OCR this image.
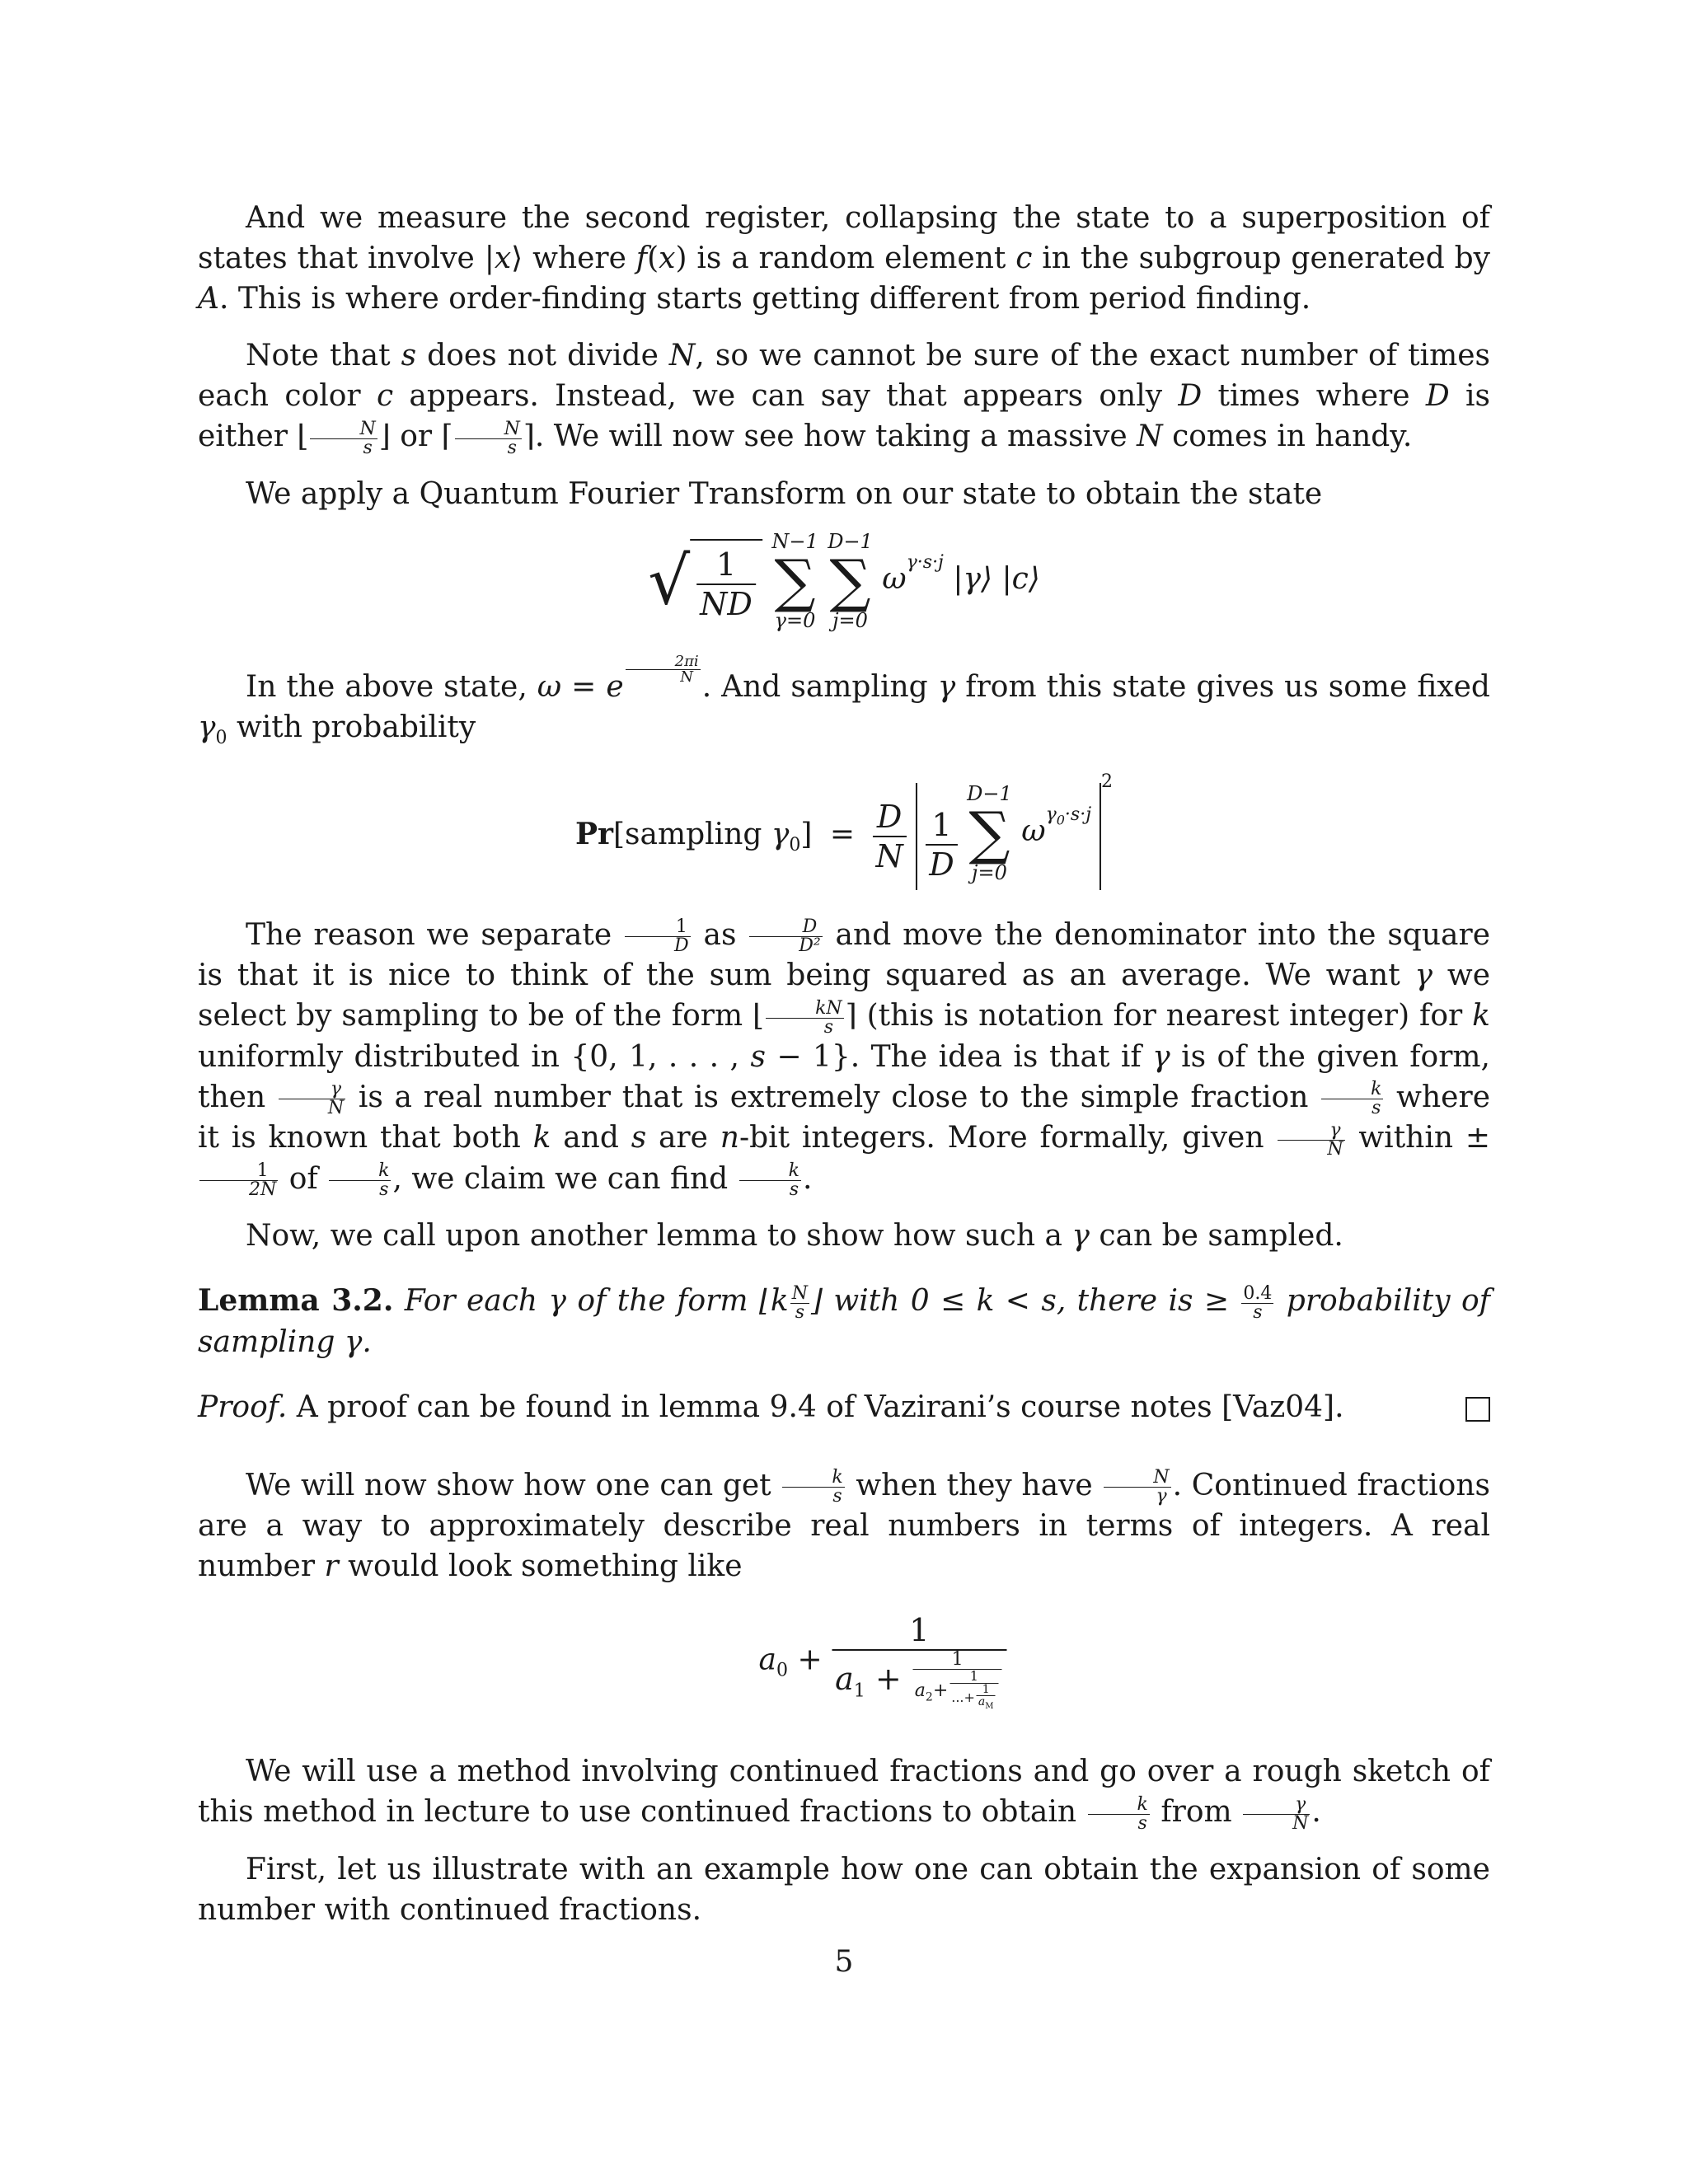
And we measure the second register, collapsing the state to a superposition of states that involve |x⟩ where f(x) is a random element c in the subgroup generated by A. This is where order-finding starts getting different from period finding.

Note that s does not divide N, so we cannot be sure of the exact number of times each color c appears. Instead, we can say that appears only D times where D is either ⌊ $\frac{N}{s}$ ⌋ or ⌈ $\frac{N}{s}$ ⌉. We will now see how taking a massive N comes in handy.

We apply a Quantum Fourier Transform on our state to obtain the state

√ $\frac{1}{ND}$
N−1
∑
γ=0 D−1
∑
j=0 $\omega^{\gamma\cdot s\cdot j}$ |γ⟩ |c⟩

In the above state, ω = e
$\frac{2\pi i}{N}$
. And sampling γ from this state gives us some fixed $\gamma_0$ with probability

Pr[sampling $\gamma_0] = \frac{D}{N}$
$\frac{1}{D}$
D−1
∑
j=0 $\omega^{\gamma_0\cdot s\cdot j2}$

The reason we separate $\frac{1}{D}$ as $\frac{D}{\text{D²}}$ and move the denominator into the square is that it is nice to think of the sum being squared as an average. We want γ we select by sampling to be of the form ⌊ $\frac{kN}{s}$ ⌉ (this is notation for nearest integer) for k uniformly distributed in {0, 1, . . . , s − 1}. The idea is that if γ is of the given form, then $\frac{\gamma}{N}$ is a real number that is extremely close to the simple fraction $\frac{k}{s}$ where it is known that both k and s are n-bit integers. More formally, given $\frac{\gamma}{N}$ within ±
$\frac{1}{2N}$ of $\frac{k}{s}$ , we claim we can find $\frac{k}{s}$ .

Now, we call upon another lemma to show how such a γ can be sampled.

Lemma 3.2. For each γ of the form ⌊k $\frac{N}{s}$ ⌋ with 0 ≤ k < s, there is ≥ $\frac{0.4}{s}$ probability of sampling γ.

Proof. A proof can be found in lemma 9.4 of Vazirani’s course notes [Vaz04].

We will now show how one can get $\frac{k}{s}$ when they have $\frac{N}{\gamma}$ . Continued fractions are a way to approximately describe real numbers in terms of integers. A real number r would look something like

$a_0 + \frac{1}{a_1 + \frac{1}{a_2+ \frac{1}{...+ \frac{1}{a_M}}}}$

We will use a method involving continued fractions and go over a rough sketch of this method in lecture to use continued fractions to obtain $\frac{k}{s}$ from $\frac{\gamma}{N}$ .

First, let us illustrate with an example how one can obtain the expansion of some number with continued fractions.

5
